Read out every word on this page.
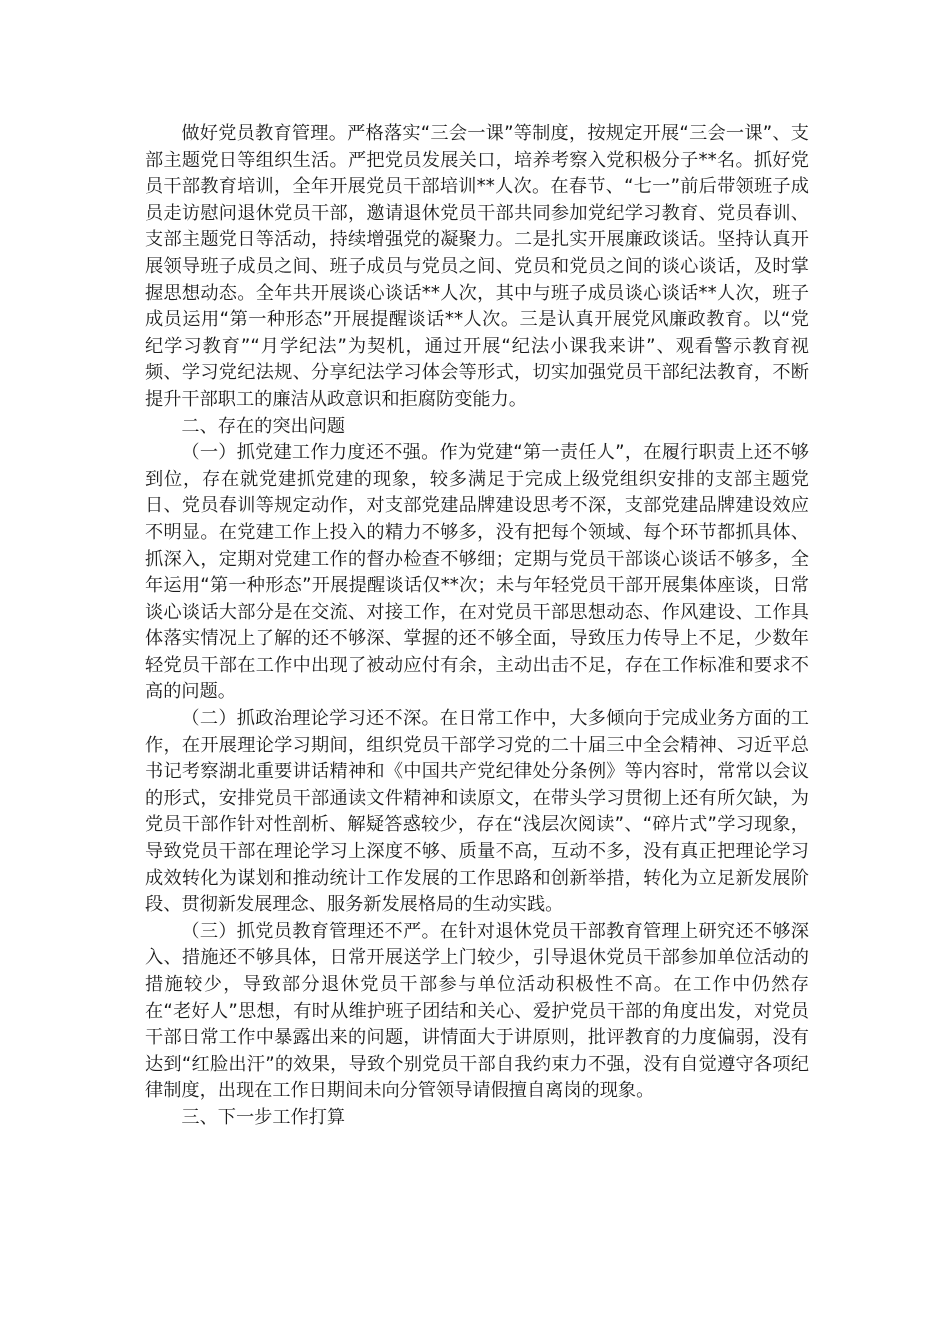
做好党员教育管理。严格落实“三会一课”等制度，按规定开展“三会一课”、支部主题党日等组织生活。严把党员发展关口，培养考察入党积极分子**名。抓好党员干部教育培训，全年开展党员干部培训**人次。在春节、“七一”前后带领班子成员走访慰问退休党员干部，邀请退休党员干部共同参加党纪学习教育、党员春训、支部主题党日等活动，持续增强党的凝聚力。二是扎实开展廉政谈话。坚持认真开展领导班子成员之间、班子成员与党员之间、党员和党员之间的谈心谈话，及时掌握思想动态。全年共开展谈心谈话**人次，其中与班子成员谈心谈话**人次，班子成员运用“第一种形态”开展提醒谈话**人次。三是认真开展党风廉政教育。以“党纪学习教育”“月学纪法”为契机，通过开展“纪法小课我来讲”、观看警示教育视频、学习党纪法规、分享纪法学习体会等形式，切实加强党员干部纪法教育，不断提升干部职工的廉洁从政意识和拒腐防变能力。

二、存在的突出问题

（一）抓党建工作力度还不强。作为党建“第一责任人”，在履行职责上还不够到位，存在就党建抓党建的现象，较多满足于完成上级党组织安排的支部主题党日、党员春训等规定动作，对支部党建品牌建设思考不深，支部党建品牌建设效应不明显。在党建工作上投入的精力不够多，没有把每个领域、每个环节都抓具体、抓深入，定期对党建工作的督办检查不够细；定期与党员干部谈心谈话不够多，全年运用“第一种形态”开展提醒谈话仅**次；未与年轻党员干部开展集体座谈，日常谈心谈话大部分是在交流、对接工作，在对党员干部思想动态、作风建设、工作具体落实情况上了解的还不够深、掌握的还不够全面，导致压力传导上不足，少数年轻党员干部在工作中出现了被动应付有余，主动出击不足，存在工作标准和要求不高的问题。

（二）抓政治理论学习还不深。在日常工作中，大多倾向于完成业务方面的工作，在开展理论学习期间，组织党员干部学习党的二十届三中全会精神、习近平总书记考察湖北重要讲话精神和《中国共产党纪律处分条例》等内容时，常常以会议的形式，安排党员干部通读文件精神和读原文，在带头学习贯彻上还有所欠缺，为党员干部作针对性剖析、解疑答惑较少，存在“浅层次阅读”、“碎片式”学习现象，导致党员干部在理论学习上深度不够、质量不高，互动不多，没有真正把理论学习成效转化为谋划和推动统计工作发展的工作思路和创新举措，转化为立足新发展阶段、贯彻新发展理念、服务新发展格局的生动实践。

（三）抓党员教育管理还不严。在针对退休党员干部教育管理上研究还不够深入、措施还不够具体，日常开展送学上门较少，引导退休党员干部参加单位活动的措施较少，导致部分退休党员干部参与单位活动积极性不高。在工作中仍然存在“老好人”思想，有时从维护班子团结和关心、爱护党员干部的角度出发，对党员干部日常工作中暴露出来的问题，讲情面大于讲原则，批评教育的力度偏弱，没有达到“红脸出汗”的效果，导致个别党员干部自我约束力不强，没有自觉遵守各项纪律制度，出现在工作日期间未向分管领导请假擅自离岗的现象。

三、下一步工作打算
